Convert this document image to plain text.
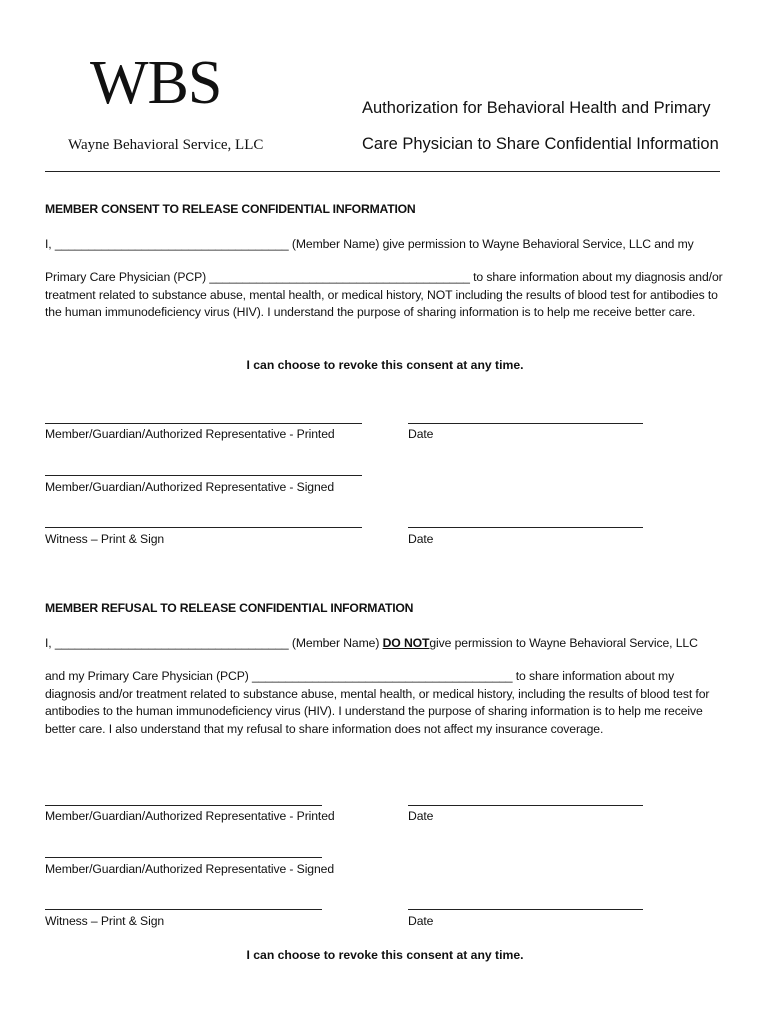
WBS
Wayne Behavioral Service, LLC
Authorization for Behavioral Health and Primary
Care Physician to Share Confidential Information
MEMBER CONSENT TO RELEASE CONFIDENTIAL INFORMATION
I, ___________________________________ (Member Name) give permission to Wayne Behavioral Service, LLC and my
Primary Care Physician (PCP) _______________________________________ to share information about my diagnosis and/or treatment related to substance abuse, mental health, or medical history, NOT including the results of blood test for antibodies to the human immunodeficiency virus (HIV). I understand the purpose of sharing information is to help me receive better care.
I can choose to revoke this consent at any time.
Member/Guardian/Authorized Representative - Printed	Date
Member/Guardian/Authorized Representative - Signed
Witness – Print & Sign	Date
MEMBER REFUSAL TO RELEASE CONFIDENTIAL INFORMATION
I, ___________________________________ (Member Name) DO NOTgive permission to Wayne Behavioral Service, LLC
and my Primary Care Physician (PCP) _______________________________________ to share information about my diagnosis and/or treatment related to substance abuse, mental health, or medical history, including the results of blood test for antibodies to the human immunodeficiency virus (HIV). I understand the purpose of sharing information is to help me receive better care. I also understand that my refusal to share information does not affect my insurance coverage.
Member/Guardian/Authorized Representative - Printed	Date
Member/Guardian/Authorized Representative - Signed
Witness – Print & Sign	Date
I can choose to revoke this consent at any time.
